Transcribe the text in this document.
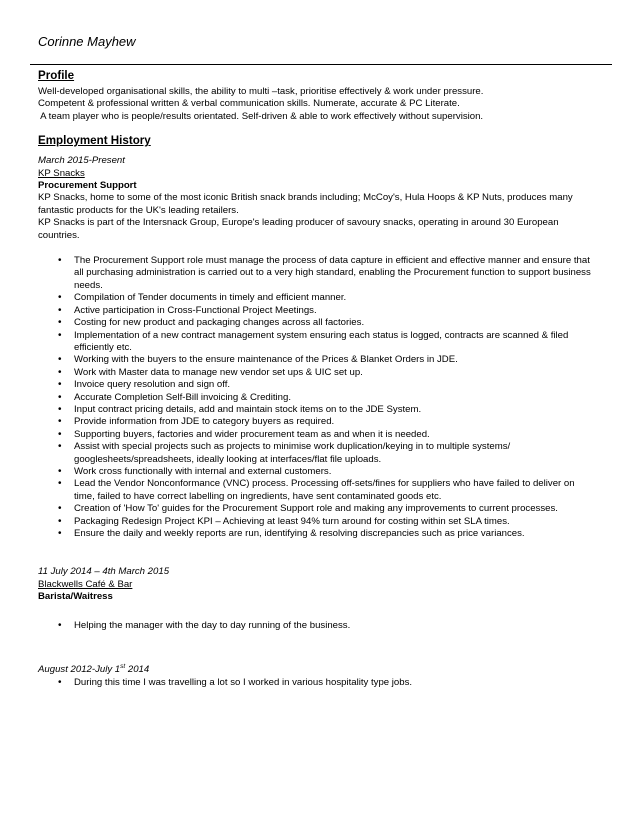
Corinne Mayhew
Profile
Well-developed organisational skills, the ability to multi –task, prioritise effectively & work under pressure.
Competent & professional written & verbal communication skills. Numerate, accurate & PC Literate.
A team player who is people/results orientated. Self-driven & able to work effectively without supervision.
Employment History
March 2015-Present
KP Snacks
Procurement Support
KP Snacks, home to some of the most iconic British snack brands including; McCoy's, Hula Hoops & KP Nuts, produces many fantastic products for the UK's leading retailers.
KP Snacks is part of the Intersnack Group, Europe's leading producer of savoury snacks, operating in around 30 European countries.
• The Procurement Support role must manage the process of data capture in efficient and effective manner and ensure that all purchasing administration is carried out to a very high standard, enabling the Procurement function to support business needs.
• Compilation of Tender documents in timely and efficient manner.
• Active participation in Cross-Functional Project Meetings.
• Costing for new product and packaging changes across all factories.
• Implementation of a new contract management system ensuring each status is logged, contracts are scanned & filed efficiently etc.
• Working with the buyers to the ensure maintenance of the Prices & Blanket Orders in JDE.
• Work with Master data to manage new vendor set ups & UIC set up.
• Invoice query resolution and sign off.
• Accurate Completion Self-Bill invoicing & Crediting.
• Input contract pricing details, add and maintain stock items on to the JDE System.
• Provide information from JDE to category buyers as required.
• Supporting buyers, factories and wider procurement team as and when it is needed.
• Assist with special projects such as projects to minimise work duplication/keying in to multiple systems/ googlesheets/spreadsheets, ideally looking at interfaces/flat file uploads.
• Work cross functionally with internal and external customers.
• Lead the Vendor Nonconformance (VNC) process. Processing off-sets/fines for suppliers who have failed to deliver on time, failed to have correct labelling on ingredients, have sent contaminated goods etc.
• Creation of 'How To' guides for the Procurement Support role and making any improvements to current processes.
• Packaging Redesign Project KPI – Achieving at least 94% turn around for costing within set SLA times.
• Ensure the daily and weekly reports are run, identifying & resolving discrepancies such as price variances.
11 July 2014 – 4th March 2015
Blackwells Café & Bar
Barista/Waitress
• Helping the manager with the day to day running of the business.
August 2012-July 1st 2014
• During this time I was travelling a lot so I worked in various hospitality type jobs.
